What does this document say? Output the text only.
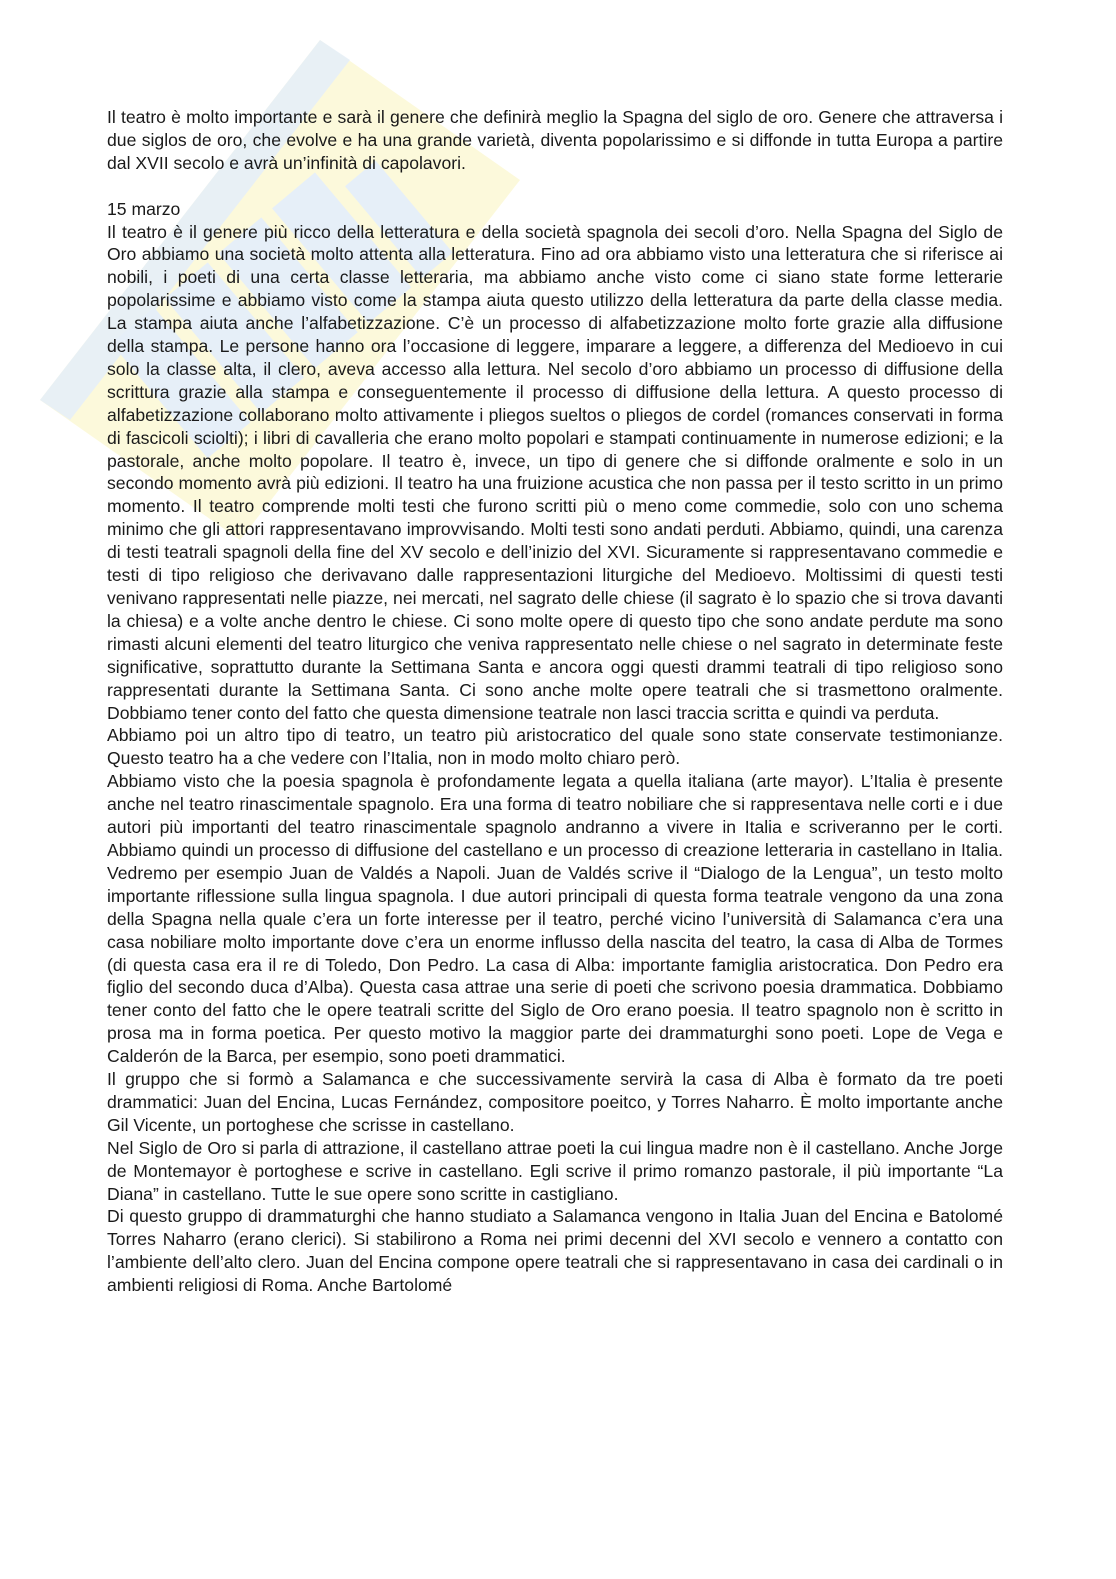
Il teatro è molto importante e sarà il genere che definirà meglio la Spagna del siglo de oro. Genere che attraversa i due siglos de oro, che evolve e ha una grande varietà, diventa popolarissimo e si diffonde in tutta Europa a partire dal XVII secolo e avrà un’infinità di capolavori.

15 marzo

Il teatro è il genere più ricco della letteratura e della società spagnola dei secoli d’oro. Nella Spagna del Siglo de Oro abbiamo una società molto attenta alla letteratura. Fino ad ora abbiamo visto una letteratura che si riferisce ai nobili, i poeti di una certa classe letteraria, ma abbiamo anche visto come ci siano state forme letterarie popolarissime e abbiamo visto come la stampa aiuta questo utilizzo della letteratura da parte della classe media. La stampa aiuta anche l’alfabetizzazione. C’è un processo di alfabetizzazione molto forte grazie alla diffusione della stampa. Le persone hanno ora l’occasione di leggere, imparare a leggere, a differenza del Medioevo in cui solo la classe alta, il clero, aveva accesso alla lettura. Nel secolo d’oro abbiamo un processo di diffusione della scrittura grazie alla stampa e conseguentemente il processo di diffusione della lettura. A questo processo di alfabetizzazione collaborano molto attivamente i pliegos sueltos o pliegos de cordel (romances conservati in forma di fascicoli sciolti); i libri di cavalleria che erano molto popolari e stampati continuamente in numerose edizioni; e la pastorale, anche molto popolare. Il teatro è, invece, un tipo di genere che si diffonde oralmente e solo in un secondo momento avrà più edizioni. Il teatro ha una fruizione acustica che non passa per il testo scritto in un primo momento. Il teatro comprende molti testi che furono scritti più o meno come commedie, solo con uno schema minimo che gli attori rappresentavano improvvisando. Molti testi sono andati perduti. Abbiamo, quindi, una carenza di testi teatrali spagnoli della fine del XV secolo e dell’inizio del XVI. Sicuramente si rappresentavano commedie e testi di tipo religioso che derivavano dalle rappresentazioni liturgiche del Medioevo. Moltissimi di questi testi venivano rappresentati nelle piazze, nei mercati, nel sagrato delle chiese (il sagrato è lo spazio che si trova davanti la chiesa) e a volte anche dentro le chiese. Ci sono molte opere di questo tipo che sono andate perdute ma sono rimasti alcuni elementi del teatro liturgico che veniva rappresentato nelle chiese o nel sagrato in determinate feste significative, soprattutto durante la Settimana Santa e ancora oggi questi drammi teatrali di tipo religioso sono rappresentati durante la Settimana Santa. Ci sono anche molte opere teatrali che si trasmettono oralmente. Dobbiamo tener conto del fatto che questa dimensione teatrale non lasci traccia scritta e quindi va perduta.

Abbiamo poi un altro tipo di teatro, un teatro più aristocratico del quale sono state conservate testimonianze. Questo teatro ha a che vedere con l’Italia, non in modo molto chiaro però.

Abbiamo visto che la poesia spagnola è profondamente legata a quella italiana (arte mayor). L’Italia è presente anche nel teatro rinascimentale spagnolo. Era una forma di teatro nobiliare che si rappresentava nelle corti e i due autori più importanti del teatro rinascimentale spagnolo andranno a vivere in Italia e scriveranno per le corti. Abbiamo quindi un processo di diffusione del castellano e un processo di creazione letteraria in castellano in Italia. Vedremo per esempio Juan de Valdés a Napoli. Juan de Valdés scrive il “Dialogo de la Lengua”, un testo molto importante riflessione sulla lingua spagnola. I due autori principali di questa forma teatrale vengono da una zona della Spagna nella quale c’era un forte interesse per il teatro, perché vicino l’università di Salamanca c’era una casa nobiliare molto importante dove c’era un enorme influsso della nascita del teatro, la casa di Alba de Tormes (di questa casa era il re di Toledo, Don Pedro. La casa di Alba: importante famiglia aristocratica. Don Pedro era figlio del secondo duca d’Alba). Questa casa attrae una serie di poeti che scrivono poesia drammatica. Dobbiamo tener conto del fatto che le opere teatrali scritte del Siglo de Oro erano poesia. Il teatro spagnolo non è scritto in prosa ma in forma poetica. Per questo motivo la maggior parte dei drammaturghi sono poeti. Lope de Vega e Calderón de la Barca, per esempio, sono poeti drammatici.

Il gruppo che si formò a Salamanca e che successivamente servirà la casa di Alba è formato da tre poeti drammatici: Juan del Encina, Lucas Fernández, compositore poeitco, y Torres Naharro. È molto importante anche Gil Vicente, un portoghese che scrisse in castellano.

Nel Siglo de Oro si parla di attrazione, il castellano attrae poeti la cui lingua madre non è il castellano. Anche Jorge de Montemayor è portoghese e scrive in castellano. Egli scrive il primo romanzo pastorale, il più importante “La Diana” in castellano. Tutte le sue opere sono scritte in castigliano.

Di questo gruppo di drammaturghi che hanno studiato a Salamanca vengono in Italia Juan del Encina e Batolomé Torres Naharro (erano clerici). Si stabilirono a Roma nei primi decenni del XVI secolo e vennero a contatto con l’ambiente dell’alto clero. Juan del Encina compone opere teatrali che si rappresentavano in casa dei cardinali o in ambienti religiosi di Roma. Anche Bartolomé
